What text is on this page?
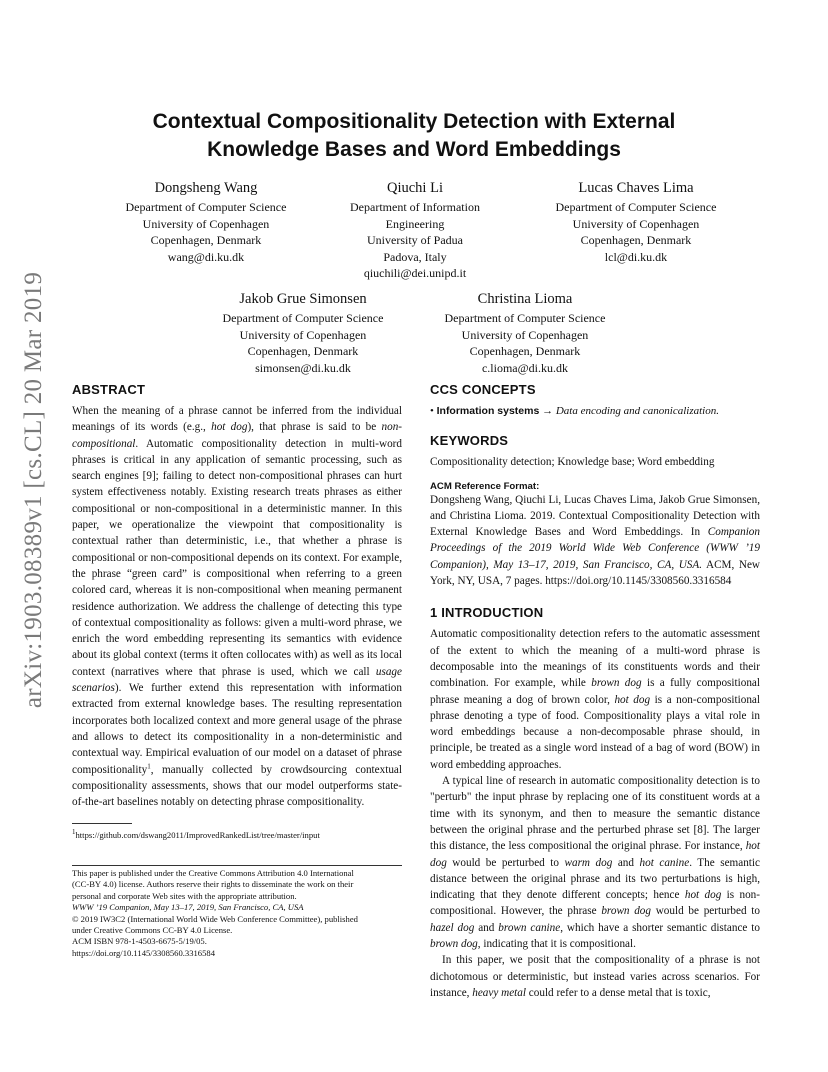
arXiv:1903.08389v1 [cs.CL] 20 Mar 2019
Contextual Compositionality Detection with External
Knowledge Bases and Word Embeddings
Dongsheng Wang
Department of Computer Science
University of Copenhagen
Copenhagen, Denmark
wang@di.ku.dk
Qiuchi Li
Department of Information
Engineering
University of Padua
Padova, Italy
qiuchili@dei.unipd.it
Lucas Chaves Lima
Department of Computer Science
University of Copenhagen
Copenhagen, Denmark
lcl@di.ku.dk
Jakob Grue Simonsen
Department of Computer Science
University of Copenhagen
Copenhagen, Denmark
simonsen@di.ku.dk
Christina Lioma
Department of Computer Science
University of Copenhagen
Copenhagen, Denmark
c.lioma@di.ku.dk
ABSTRACT

When the meaning of a phrase cannot be inferred from the individual meanings of its words (e.g., hot dog), that phrase is said to be non-compositional. Automatic compositionality detection in multi-word phrases is critical in any application of semantic processing, such as search engines [9]; failing to detect non-compositional phrases can hurt system effectiveness notably. Existing research treats phrases as either compositional or non-compositional in a deterministic manner. In this paper, we operationalize the viewpoint that compositionality is contextual rather than deterministic, i.e., that whether a phrase is compositional or non-compositional depends on its context. For example, the phrase “green card” is compositional when referring to a green colored card, whereas it is non-compositional when meaning permanent residence authorization. We address the challenge of detecting this type of contextual compositionality as follows: given a multi-word phrase, we enrich the word embedding representing its semantics with evidence about its global context (terms it often collocates with) as well as its local context (narratives where that phrase is used, which we call usage scenarios). We further extend this representation with information extracted from external knowledge bases. The resulting representation incorporates both localized context and more general usage of the phrase and allows to detect its compositionality in a non-deterministic and contextual way. Empirical evaluation of our model on a dataset of phrase compositionality$^1$, manually collected by crowdsourcing contextual compositionality assessments, shows that our model outperforms state-of-the-art baselines notably on detecting phrase compositionality.

$^1$https://github.com/dswang2011/ImprovedRankedList/tree/master/input
This paper is published under the Creative Commons Attribution 4.0 International
(CC-BY 4.0) license. Authors reserve their rights to disseminate the work on their
personal and corporate Web sites with the appropriate attribution.
WWW ’19 Companion, May 13–17, 2019, San Francisco, CA, USA
© 2019 IW3C2 (International World Wide Web Conference Committee), published
under Creative Commons CC-BY 4.0 License.
ACM ISBN 978-1-4503-6675-5/19/05.
https://doi.org/10.1145/3308560.3316584
CCS CONCEPTS

• Information systems → Data encoding and canonicalization.

KEYWORDS

Compositionality detection; Knowledge base; Word embedding

ACM Reference Format:

Dongsheng Wang, Qiuchi Li, Lucas Chaves Lima, Jakob Grue Simonsen, and Christina Lioma. 2019. Contextual Compositionality Detection with External Knowledge Bases and Word Embeddings. In Companion Proceedings of the 2019 World Wide Web Conference (WWW ’19 Companion), May 13–17, 2019, San Francisco, CA, USA. ACM, New York, NY, USA, 7 pages. https://doi.org/10.1145/3308560.3316584

1 INTRODUCTION

Automatic compositionality detection refers to the automatic assessment of the extent to which the meaning of a multi-word phrase is decomposable into the meanings of its constituents words and their combination. For example, while brown dog is a fully compositional phrase meaning a dog of brown color, hot dog is a non-compositional phrase denoting a type of food. Compositionality plays a vital role in word embeddings because a non-decomposable phrase should, in principle, be treated as a single word instead of a bag of word (BOW) in word embedding approaches.

A typical line of research in automatic compositionality detection is to "perturb" the input phrase by replacing one of its constituent words at a time with its synonym, and then to measure the semantic distance between the original phrase and the perturbed phrase set [8]. The larger this distance, the less compositional the original phrase. For instance, hot dog would be perturbed to warm dog and hot canine. The semantic distance between the original phrase and its two perturbations is high, indicating that they denote different concepts; hence hot dog is non-compositional. However, the phrase brown dog would be perturbed to hazel dog and brown canine, which have a shorter semantic distance to brown dog, indicating that it is compositional.

In this paper, we posit that the compositionality of a phrase is not dichotomous or deterministic, but instead varies across scenarios. For instance, heavy metal could refer to a dense metal that is toxic,
